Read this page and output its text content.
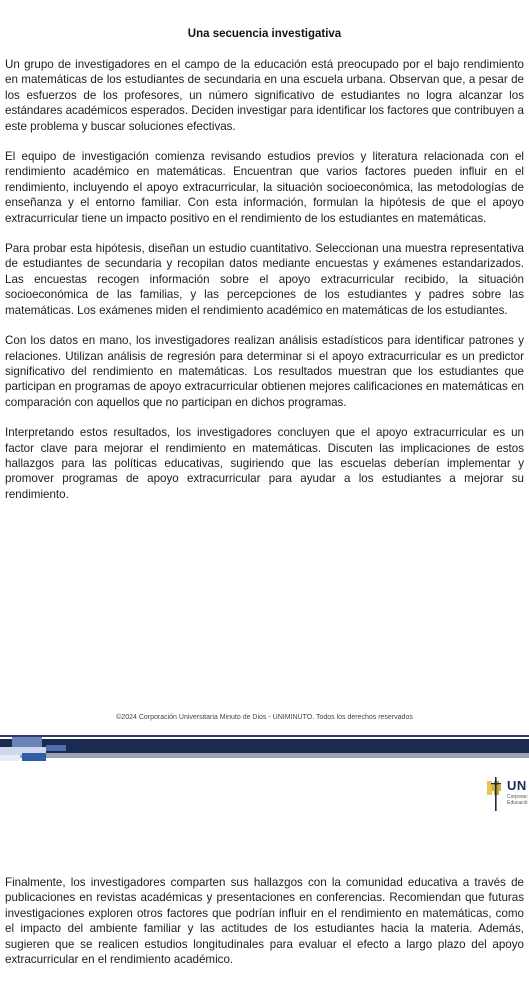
Una secuencia investigativa

Un grupo de investigadores en el campo de la educación está preocupado por el bajo rendimiento en matemáticas de los estudiantes de secundaria en una escuela urbana. Observan que, a pesar de los esfuerzos de los profesores, un número significativo de estudiantes no logra alcanzar los estándares académicos esperados. Deciden investigar para identificar los factores que contribuyen a este problema y buscar soluciones efectivas.

El equipo de investigación comienza revisando estudios previos y literatura relacionada con el rendimiento académico en matemáticas. Encuentran que varios factores pueden influir en el rendimiento, incluyendo el apoyo extracurricular, la situación socioeconómica, las metodologías de enseñanza y el entorno familiar. Con esta información, formulan la hipótesis de que el apoyo extracurricular tiene un impacto positivo en el rendimiento de los estudiantes en matemáticas.

Para probar esta hipótesis, diseñan un estudio cuantitativo. Seleccionan una muestra representativa de estudiantes de secundaria y recopilan datos mediante encuestas y exámenes estandarizados. Las encuestas recogen información sobre el apoyo extracurricular recibido, la situación socioeconómica de las familias, y las percepciones de los estudiantes y padres sobre las matemáticas. Los exámenes miden el rendimiento académico en matemáticas de los estudiantes.

Con los datos en mano, los investigadores realizan análisis estadísticos para identificar patrones y relaciones. Utilizan análisis de regresión para determinar si el apoyo extracurricular es un predictor significativo del rendimiento en matemáticas. Los resultados muestran que los estudiantes que participan en programas de apoyo extracurricular obtienen mejores calificaciones en matemáticas en comparación con aquellos que no participan en dichos programas.

Interpretando estos resultados, los investigadores concluyen que el apoyo extracurricular es un factor clave para mejorar el rendimiento en matemáticas. Discuten las implicaciones de estos hallazgos para las políticas educativas, sugiriendo que las escuelas deberían implementar y promover programas de apoyo extracurricular para ayudar a los estudiantes a mejorar su rendimiento.

©2024 Corporación Universitaria Minuto de Dios - UNIMINUTO. Todos los derechos reservados
UN
Corporac
Educació

Finalmente, los investigadores comparten sus hallazgos con la comunidad educativa a través de publicaciones en revistas académicas y presentaciones en conferencias. Recomiendan que futuras investigaciones exploren otros factores que podrían influir en el rendimiento en matemáticas, como el impacto del ambiente familiar y las actitudes de los estudiantes hacia la materia. Además, sugieren que se realicen estudios longitudinales para evaluar el efecto a largo plazo del apoyo extracurricular en el rendimiento académico.
